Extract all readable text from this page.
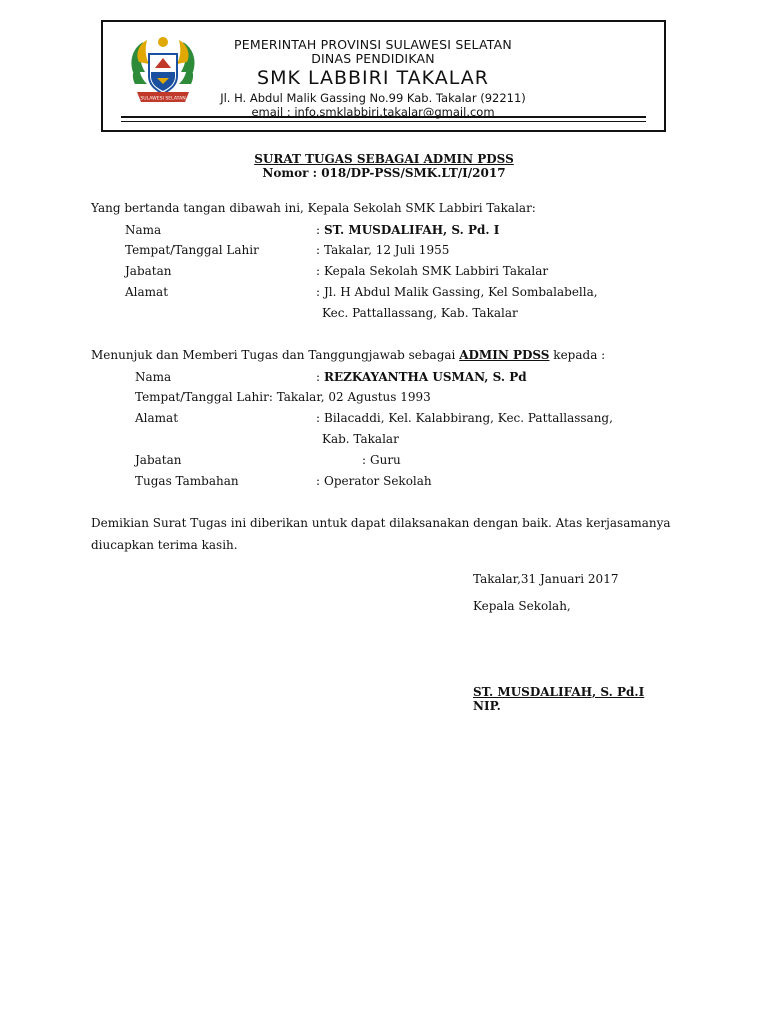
SULAWESI SELATAN
PEMERINTAH PROVINSI SULAWESI SELATAN
DINAS PENDIDIKAN
SMK LABBIRI TAKALAR
Jl. H. Abdul Malik Gassing No.99 Kab. Takalar (92211)
email : info.smklabbiri.takalar@gmail.com
SURAT TUGAS SEBAGAI ADMIN PDSS
Nomor : 018/DP-PSS/SMK.LT/I/2017
Yang bertanda tangan dibawah ini, Kepala Sekolah SMK Labbiri Takalar:
Nama	: ST. MUSDALIFAH, S. Pd. I
Tempat/Tanggal Lahir	: Takalar, 12 Juli 1955
Jabatan	: Kepala Sekolah SMK Labbiri Takalar
Alamat	: Jl. H Abdul Malik Gassing, Kel Sombalabella,
Kec. Pattallassang, Kab. Takalar
Menunjuk dan Memberi Tugas dan Tanggungjawab sebagai ADMIN PDSS kepada :
Nama	: REZKAYANTHA USMAN, S. Pd
Tempat/Tanggal Lahir: Takalar, 02 Agustus 1993
Alamat	: Bilacaddi, Kel. Kalabbirang, Kec. Pattallassang,
Kab. Takalar
Jabatan	: Guru
Tugas Tambahan	: Operator Sekolah
Demikian Surat Tugas ini diberikan untuk dapat dilaksanakan dengan baik. Atas kerjasamanya
diucapkan terima kasih.
Takalar,31 Januari 2017
Kepala Sekolah,
ST. MUSDALIFAH, S. Pd.I
NIP.
